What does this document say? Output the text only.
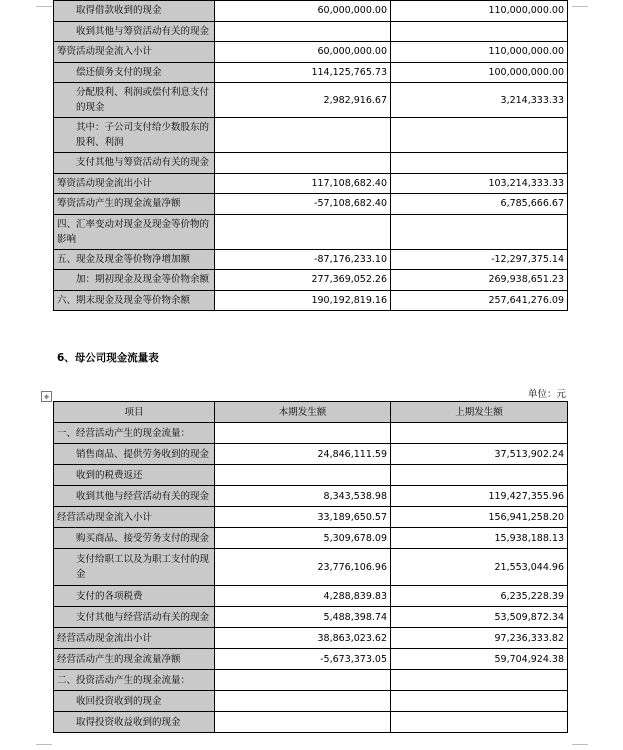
取得借款收到的现金	60,000,000.00	110,000,000.00
收到其他与筹资活动有关的现金		
筹资活动现金流入小计	60,000,000.00	110,000,000.00
偿还债务支付的现金	114,125,765.73	100,000,000.00
分配股利、利润或偿付利息支付的现金	2,982,916.67	3,214,333.33
其中：子公司支付给少数股东的股利、利润		
支付其他与筹资活动有关的现金		
筹资活动现金流出小计	117,108,682.40	103,214,333.33
筹资活动产生的现金流量净额	-57,108,682.40	6,785,666.67
四、汇率变动对现金及现金等价物的影响		
五、现金及现金等价物净增加额	-87,176,233.10	-12,297,375.14
加：期初现金及现金等价物余额	277,369,052.26	269,938,651.23
六、期末现金及现金等价物余额	190,192,819.16	257,641,276.09
6、母公司现金流量表
✥	单位：元
项目	本期发生额	上期发生额
一、经营活动产生的现金流量：		
销售商品、提供劳务收到的现金	24,846,111.59	37,513,902.24
收到的税费返还		
收到其他与经营活动有关的现金	8,343,538.98	119,427,355.96
经营活动现金流入小计	33,189,650.57	156,941,258.20
购买商品、接受劳务支付的现金	5,309,678.09	15,938,188.13
支付给职工以及为职工支付的现金	23,776,106.96	21,553,044.96
支付的各项税费	4,288,839.83	6,235,228.39
支付其他与经营活动有关的现金	5,488,398.74	53,509,872.34
经营活动现金流出小计	38,863,023.62	97,236,333.82
经营活动产生的现金流量净额	-5,673,373.05	59,704,924.38
二、投资活动产生的现金流量：		
收回投资收到的现金		
取得投资收益收到的现金		
